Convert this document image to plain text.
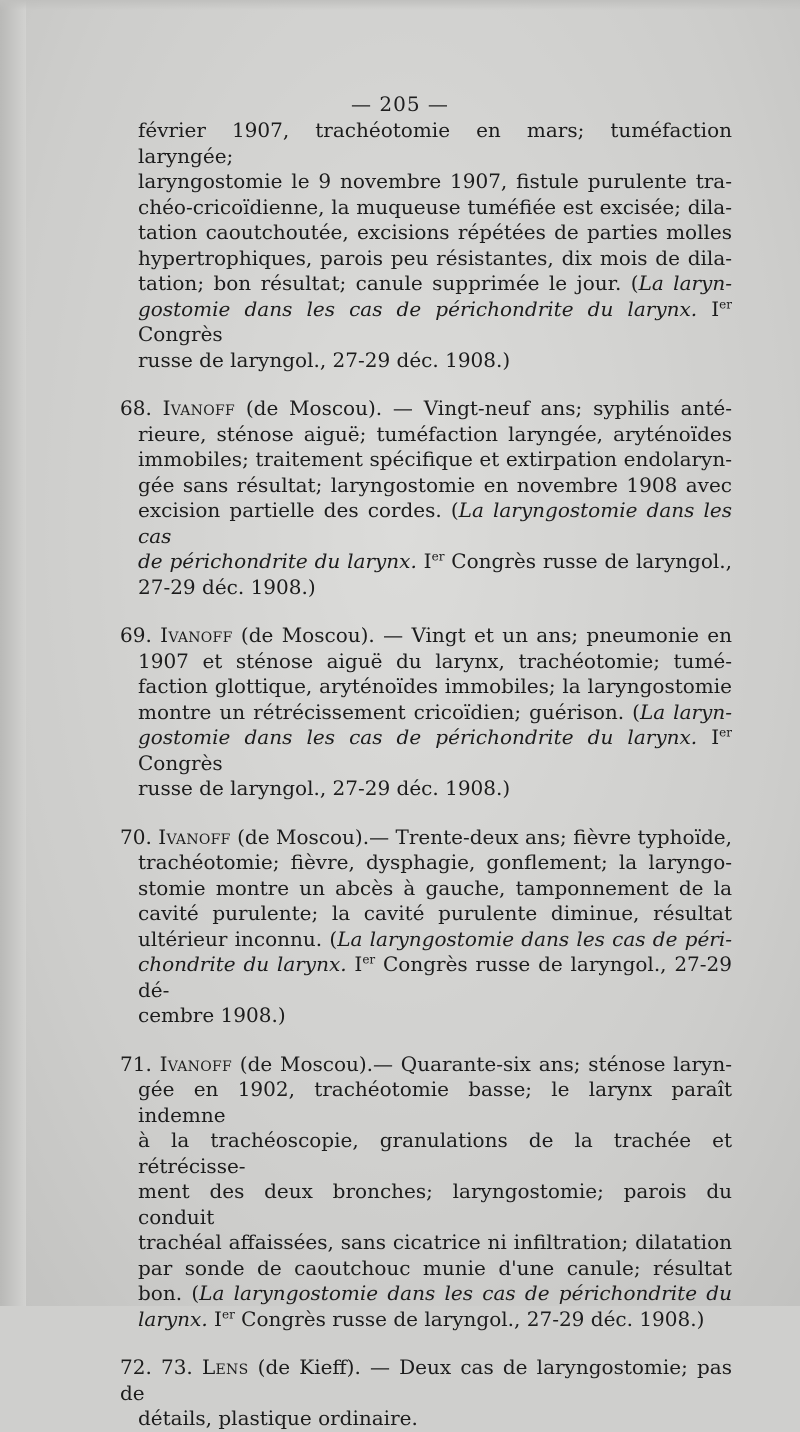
— 205 —

février 1907, trachéotomie en mars; tuméfaction laryngée;
laryngostomie le 9 novembre 1907, fistule purulente tra-
chéo-cricoïdienne, la muqueuse tuméfiée est excisée; dila-
tation caoutchoutée, excisions répétées de parties molles
hypertrophiques, parois peu résistantes, dix mois de dila-
tation; bon résultat; canule supprimée le jour. (La laryn-
gostomie dans les cas de périchondrite du larynx. Ier Congrès
russe de laryngol., 27-29 déc. 1908.)

68. Ivanoff (de Moscou). — Vingt-neuf ans; syphilis anté-
rieure, sténose aiguë; tuméfaction laryngée, aryténoïdes
immobiles; traitement spécifique et extirpation endolaryn-
gée sans résultat; laryngostomie en novembre 1908 avec
excision partielle des cordes. (La laryngostomie dans les cas
de périchondrite du larynx. Ier Congrès russe de laryngol.,
27-29 déc. 1908.)

69. Ivanoff (de Moscou). — Vingt et un ans; pneumonie en
1907 et sténose aiguë du larynx, trachéotomie; tumé-
faction glottique, aryténoïdes immobiles; la laryngostomie
montre un rétrécissement cricoïdien; guérison. (La laryn-
gostomie dans les cas de périchondrite du larynx. Ier Congrès
russe de laryngol., 27-29 déc. 1908.)

70. Ivanoff (de Moscou).— Trente-deux ans; fièvre typhoïde,
trachéotomie; fièvre, dysphagie, gonflement; la laryngo-
stomie montre un abcès à gauche, tamponnement de la
cavité purulente; la cavité purulente diminue, résultat
ultérieur inconnu. (La laryngostomie dans les cas de péri-
chondrite du larynx. Ier Congrès russe de laryngol., 27-29 dé-
cembre 1908.)

71. Ivanoff (de Moscou).— Quarante-six ans; sténose laryn-
gée en 1902, trachéotomie basse; le larynx paraît indemne
à la trachéoscopie, granulations de la trachée et rétrécisse-
ment des deux bronches; laryngostomie; parois du conduit
trachéal affaissées, sans cicatrice ni infiltration; dilatation
par sonde de caoutchouc munie d'une canule; résultat
bon. (La laryngostomie dans les cas de périchondrite du
larynx. Ier Congrès russe de laryngol., 27-29 déc. 1908.)

72. 73. Lens (de Kieff). — Deux cas de laryngostomie; pas de
détails, plastique ordinaire.
